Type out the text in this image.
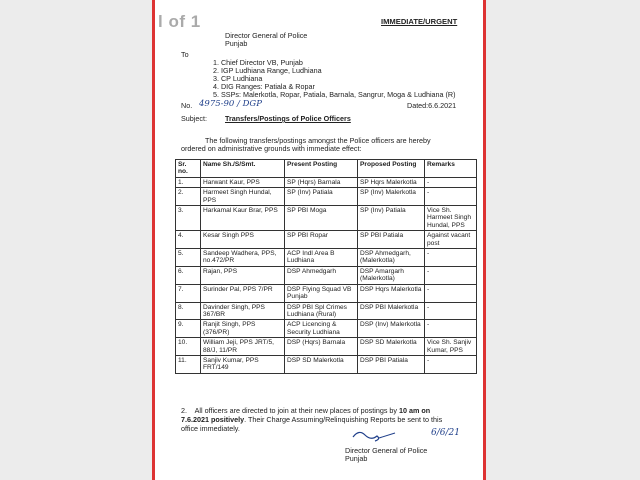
IMMEDIATE/URGENT
Director General of Police
Punjab
To
1. Chief Director VB, Punjab
2. IGP Ludhiana Range, Ludhiana
3. CP Ludhiana
4. DIG Ranges: Patiala & Ropar
5. SSPs: Malerkotla, Ropar, Patiala, Barnala, Sangrur, Moga & Ludhiana (R)
No. 4975-90 / DGP	Dated:6.6.2021
Subject:	Transfers/Postings of Police Officers
The following transfers/postings amongst the Police officers are hereby
ordered on administrative grounds with immediate effect:
Sr. no.	Name Sh./S/Smt.	Present Posting	Proposed Posting	Remarks
1.	Harwant Kaur, PPS	SP (Hqrs) Barnala	SP Hqrs Malerkotla	-
2.	Harmeet Singh Hundal, PPS	SP (Inv) Patiala	SP (Inv) Malerkotla	-
3.	Harkamal Kaur Brar, PPS	SP PBI Moga	SP (Inv) Patiala	Vice Sh. Harmeet Singh Hundal, PPS
4.	Kesar Singh PPS	SP PBI Ropar	SP PBI Patiala	Against vacant post
5.	Sandeep Wadhera, PPS, no.472/PR	ACP Indl Area B Ludhiana	DSP Ahmedgarh, (Malerkotla)	-
6.	Rajan, PPS	DSP Ahmedgarh	DSP Amargarh (Malerkotla)	-
7.	Surinder Pal, PPS 7/PR	DSP Flying Squad VB Punjab	DSP Hqrs Malerkotla	-
8.	Davinder Singh, PPS 367/BR	DSP PBI Spl Crimes Ludhiana (Rural)	DSP PBI Malerkotla	-
9.	Ranjit Singh, PPS (376/PR)	ACP Licencing & Security Ludhiana	DSP (Inv) Malerkotla	-
10.	William Jeji, PPS JRT/5, 88/J, 11/PR	DSP (Hqrs) Barnala	DSP SD Malerkotla	Vice Sh. Sanjiv Kumar, PPS
11.	Sanjiv Kumar, PPS FRT/149	DSP SD Malerkotla	DSP PBI Patiala	-
2. All officers are directed to join at their new places of postings by 10 am on
7.6.2021 positively. Their Charge Assuming/Relinquishing Reports be sent to this
office immediately.	6/6/21
Director General of Police
Punjab
l of 1
